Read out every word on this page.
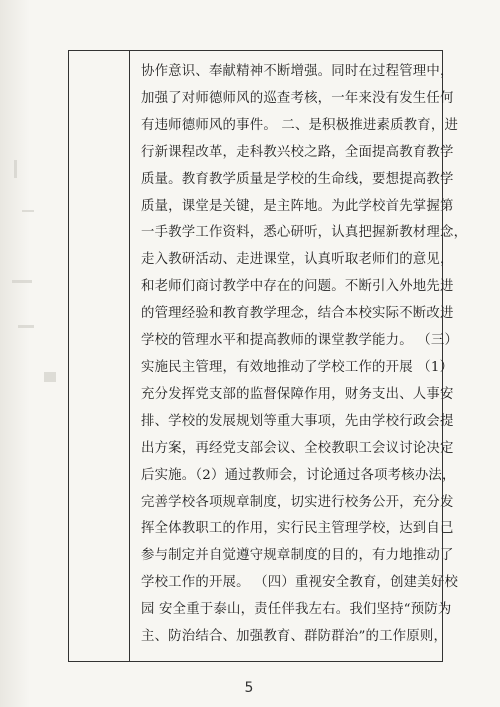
协作意识、奉献精神不断增强。同时在过程管理中，
加强了对师德师风的巡查考核，一年来没有发生任何
有违师德师风的事件。 二、是积极推进素质教育，进
行新课程改革，走科教兴校之路，全面提高教育教学
质量。教育教学质量是学校的生命线，要想提高教学
质量，课堂是关键，是主阵地。为此学校首先掌握第
一手教学工作资料，悉心研听，认真把握新教材理念，
走入教研活动、走进课堂，认真听取老师们的意见，
和老师们商讨教学中存在的问题。不断引入外地先进
的管理经验和教育教学理念，结合本校实际不断改进
学校的管理水平和提高教师的课堂教学能力。 （三）
实施民主管理，有效地推动了学校工作的开展 （1）
充分发挥党支部的监督保障作用，财务支出、人事安
排、学校的发展规划等重大事项，先由学校行政会提
出方案，再经党支部会议、全校教职工会议讨论决定
后实施。（2）通过教师会，讨论通过各项考核办法，
完善学校各项规章制度，切实进行校务公开，充分发
挥全体教职工的作用，实行民主管理学校，达到自己
参与制定并自觉遵守规章制度的目的，有力地推动了
学校工作的开展。 （四）重视安全教育，创建美好校
园 安全重于泰山，责任伴我左右。我们坚持“预防为
主、防治结合、加强教育、群防群治”的工作原则，
5
